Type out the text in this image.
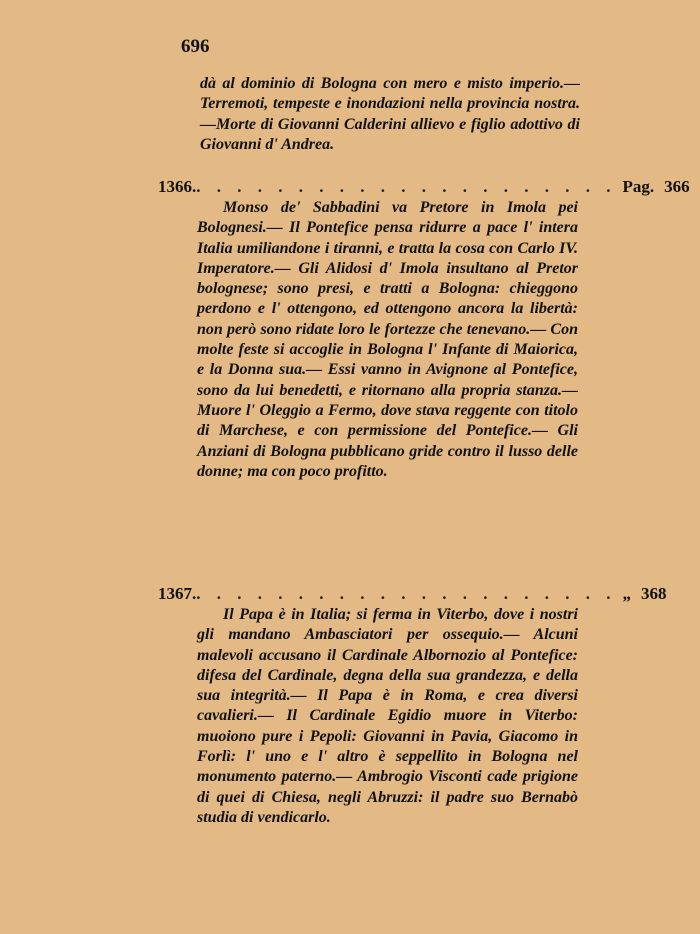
696

dà al dominio di Bologna con mero e misto imperio.— Terremoti, tempeste e inondazioni nella provincia nostra.—Morte di Giovanni Calderini allievo e figlio adottivo di Giovanni d' Andrea.

1366. . . . . . . . . . . . . . . . . . . . . . Pag. 366

Monso de' Sabbadini va Pretore in Imola pei Bolognesi.— Il Pontefice pensa ridurre a pace l' intera Italia umiliandone i tiranni, e tratta la cosa con Carlo IV. Imperatore.— Gli Alidosi d' Imola insultano al Pretor bolognese; sono presi, e tratti a Bologna: chieggono perdono e l' ottengono, ed ottengono ancora la libertà: non però sono ridate loro le fortezze che tenevano.— Con molte feste si accoglie in Bologna l' Infante di Maiorica, e la Donna sua.— Essi vanno in Avignone al Pontefice, sono da lui benedetti, e ritornano alla propria stanza.— Muore l' Oleggio a Fermo, dove stava reggente con titolo di Marchese, e con permissione del Pontefice.— Gli Anziani di Bologna pubblicano gride contro il lusso delle donne; ma con poco profitto.

1367. . . . . . . . . . . . . . . . . . . . . . „ 368

Il Papa è in Italia; si ferma in Viterbo, dove i nostri gli mandano Ambasciatori per ossequio.— Alcuni malevoli accusano il Cardinale Albornozio al Pontefice: difesa del Cardinale, degna della sua grandezza, e della sua integrità.— Il Papa è in Roma, e crea diversi cavalieri.— Il Cardinale Egidio muore in Viterbo: muoiono pure i Pepoli: Giovanni in Pavia, Giacomo in Forlì: l' uno e l' altro è seppellito in Bologna nel monumento paterno.— Ambrogio Visconti cade prigione di quei di Chiesa, negli Abruzzi: il padre suo Bernabò studia di vendicarlo.
